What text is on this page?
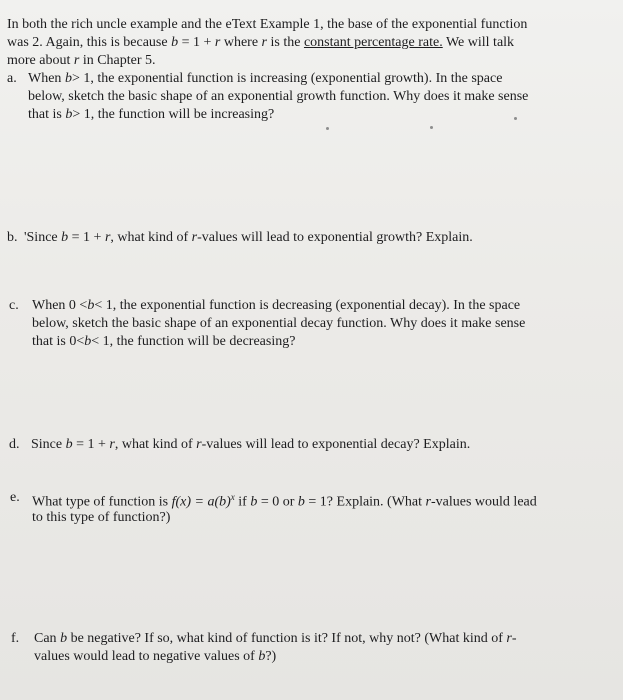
In both the rich uncle example and the eText Example 1, the base of the exponential function
was 2. Again, this is because b = 1 + r where r is the constant percentage rate. We will talk
more about r in Chapter 5.
a. When b> 1, the exponential function is increasing (exponential growth). In the space
below, sketch the basic shape of an exponential growth function. Why does it make sense
that is b> 1, the function will be increasing?
b. 'Since b = 1 + r, what kind of r-values will lead to exponential growth? Explain.
c. When 0 <b< 1, the exponential function is decreasing (exponential decay). In the space
below, sketch the basic shape of an exponential decay function. Why does it make sense
that is 0<b< 1, the function will be decreasing?
d. Since b = 1 + r, what kind of r-values will lead to exponential decay? Explain.
e. What type of function is $f(x) = a(b)^x$ if b = 0 or b = 1? Explain. (What r-values would lead
to this type of function?)
f. Can b be negative? If so, what kind of function is it? If not, why not? (What kind of r-
values would lead to negative values of b?)
